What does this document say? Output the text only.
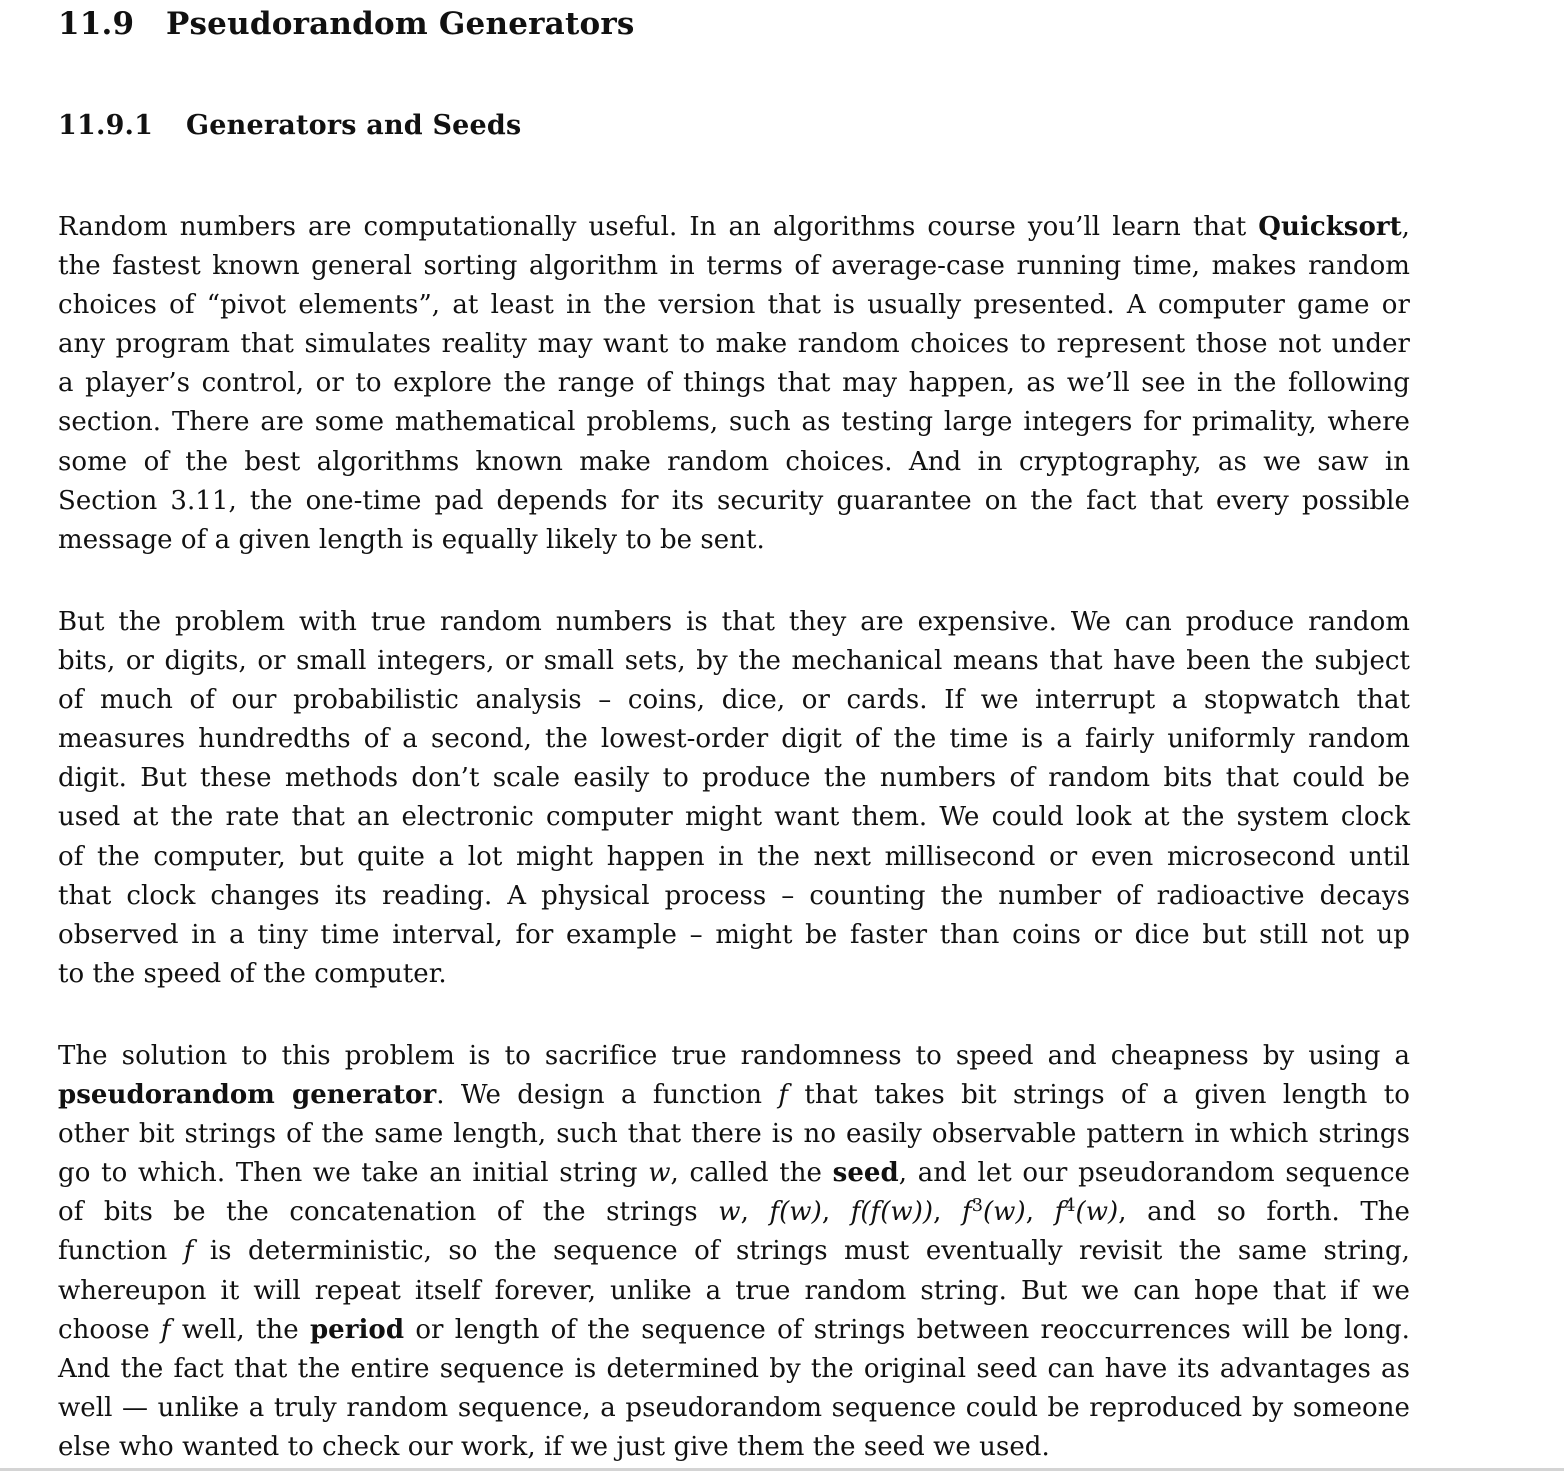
11.9 Pseudorandom Generators
11.9.1 Generators and Seeds
Random numbers are computationally useful. In an algorithms course you’ll learn that Quicksort,
the fastest known general sorting algorithm in terms of average-case running time, makes random
choices of “pivot elements”, at least in the version that is usually presented. A computer game or
any program that simulates reality may want to make random choices to represent those not under
a player’s control, or to explore the range of things that may happen, as we’ll see in the following
section. There are some mathematical problems, such as testing large integers for primality, where
some of the best algorithms known make random choices. And in cryptography, as we saw in
Section 3.11, the one-time pad depends for its security guarantee on the fact that every possible
message of a given length is equally likely to be sent.
But the problem with true random numbers is that they are expensive. We can produce random
bits, or digits, or small integers, or small sets, by the mechanical means that have been the subject
of much of our probabilistic analysis – coins, dice, or cards. If we interrupt a stopwatch that
measures hundredths of a second, the lowest-order digit of the time is a fairly uniformly random
digit. But these methods don’t scale easily to produce the numbers of random bits that could be
used at the rate that an electronic computer might want them. We could look at the system clock
of the computer, but quite a lot might happen in the next millisecond or even microsecond until
that clock changes its reading. A physical process – counting the number of radioactive decays
observed in a tiny time interval, for example – might be faster than coins or dice but still not up
to the speed of the computer.
The solution to this problem is to sacrifice true randomness to speed and cheapness by using a
pseudorandom generator. We design a function f that takes bit strings of a given length to
other bit strings of the same length, such that there is no easily observable pattern in which strings
go to which. Then we take an initial string w, called the seed, and let our pseudorandom sequence
of bits be the concatenation of the strings w, f(w), f(f(w)), $f^3(w)$, $f^4(w)$, and so forth. The
function f is deterministic, so the sequence of strings must eventually revisit the same string,
whereupon it will repeat itself forever, unlike a true random string. But we can hope that if we
choose f well, the period or length of the sequence of strings between reoccurrences will be long.
And the fact that the entire sequence is determined by the original seed can have its advantages as
well — unlike a truly random sequence, a pseudorandom sequence could be reproduced by someone
else who wanted to check our work, if we just give them the seed we used.
